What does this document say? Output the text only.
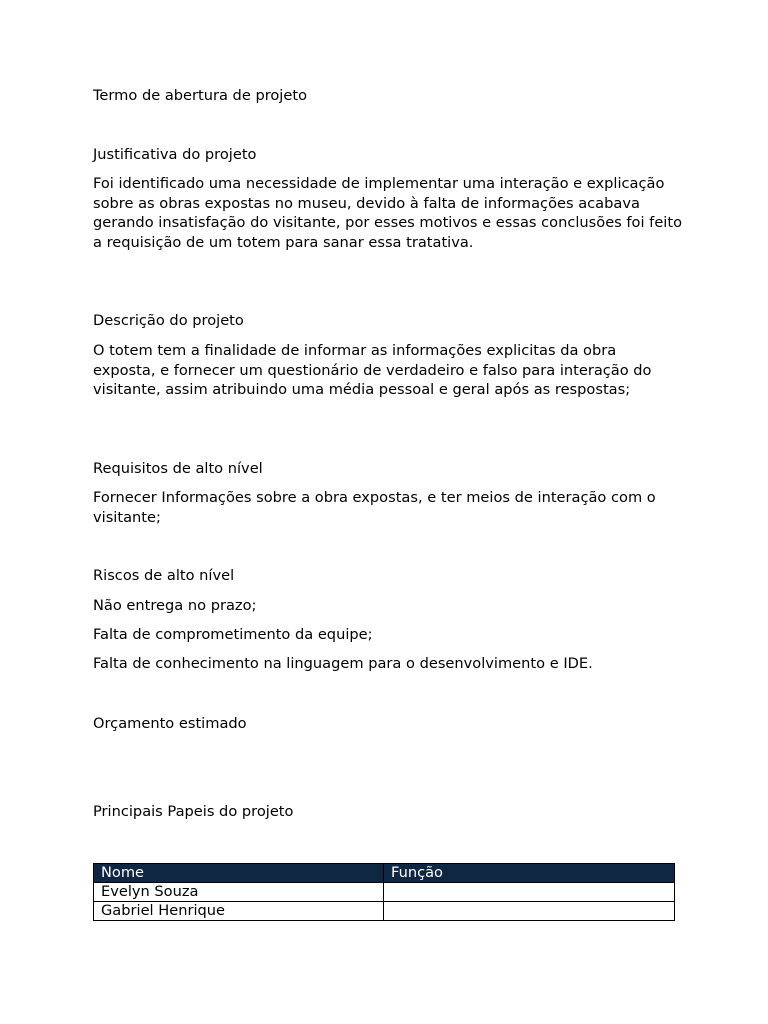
Termo de abertura de projeto

Justificativa do projeto

Foi identificado uma necessidade de implementar uma interação e explicação sobre as obras expostas no museu, devido à falta de informações acabava gerando insatisfação do visitante, por esses motivos e essas conclusões foi feito a requisição de um totem para sanar essa tratativa.

Descrição do projeto

O totem tem a finalidade de informar as informações explicitas da obra exposta, e fornecer um questionário de verdadeiro e falso para interação do visitante, assim atribuindo uma média pessoal e geral após as respostas;

Requisitos de alto nível

Fornecer Informações sobre a obra expostas, e ter meios de interação com o visitante;

Riscos de alto nível

Não entrega no prazo;

Falta de comprometimento da equipe;

Falta de conhecimento na linguagem para o desenvolvimento e IDE.

Orçamento estimado

Principais Papeis do projeto

Nome	Função
Evelyn Souza	
Gabriel Henrique	
